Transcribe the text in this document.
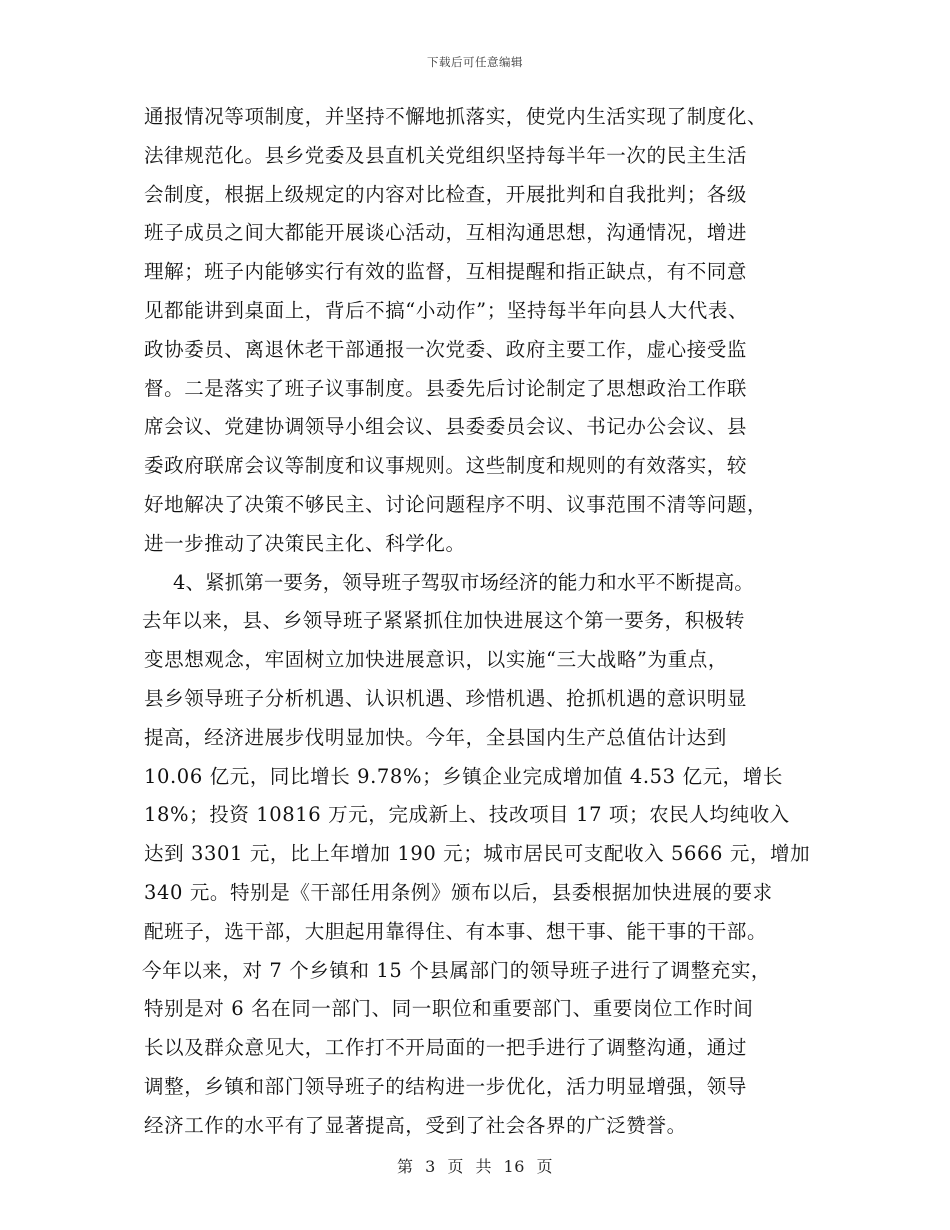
下载后可任意编辑
通报情况等项制度，并坚持不懈地抓落实，使党内生活实现了制度化、
法律规范化。县乡党委及县直机关党组织坚持每半年一次的民主生活
会制度，根据上级规定的内容对比检查，开展批判和自我批判；各级
班子成员之间大都能开展谈心活动，互相沟通思想，沟通情况，增进
理解；班子内能够实行有效的监督，互相提醒和指正缺点，有不同意
见都能讲到桌面上，背后不搞“小动作”；坚持每半年向县人大代表、
政协委员、离退休老干部通报一次党委、政府主要工作，虚心接受监
督。二是落实了班子议事制度。县委先后讨论制定了思想政治工作联
席会议、党建协调领导小组会议、县委委员会议、书记办公会议、县
委政府联席会议等制度和议事规则。这些制度和规则的有效落实，较
好地解决了决策不够民主、讨论问题程序不明、议事范围不清等问题，
进一步推动了决策民主化、科学化。
4、紧抓第一要务，领导班子驾驭市场经济的能力和水平不断提高。
去年以来，县、乡领导班子紧紧抓住加快进展这个第一要务，积极转
变思想观念，牢固树立加快进展意识，以实施“三大战略”为重点，
县乡领导班子分析机遇、认识机遇、珍惜机遇、抢抓机遇的意识明显
提高，经济进展步伐明显加快。今年，全县国内生产总值估计达到
10.06 亿元，同比增长 9.78%；乡镇企业完成增加值 4.53 亿元，增长
18%；投资 10816 万元，完成新上、技改项目 17 项；农民人均纯收入
达到 3301 元，比上年增加 190 元；城市居民可支配收入 5666 元，增加
340 元。特别是《干部任用条例》颁布以后，县委根据加快进展的要求
配班子，选干部，大胆起用靠得住、有本事、想干事、能干事的干部。
今年以来，对 7 个乡镇和 15 个县属部门的领导班子进行了调整充实，
特别是对 6 名在同一部门、同一职位和重要部门、重要岗位工作时间
长以及群众意见大，工作打不开局面的一把手进行了调整沟通，通过
调整，乡镇和部门领导班子的结构进一步优化，活力明显增强，领导
经济工作的水平有了显著提高，受到了社会各界的广泛赞誉。
第 3 页 共 16 页
